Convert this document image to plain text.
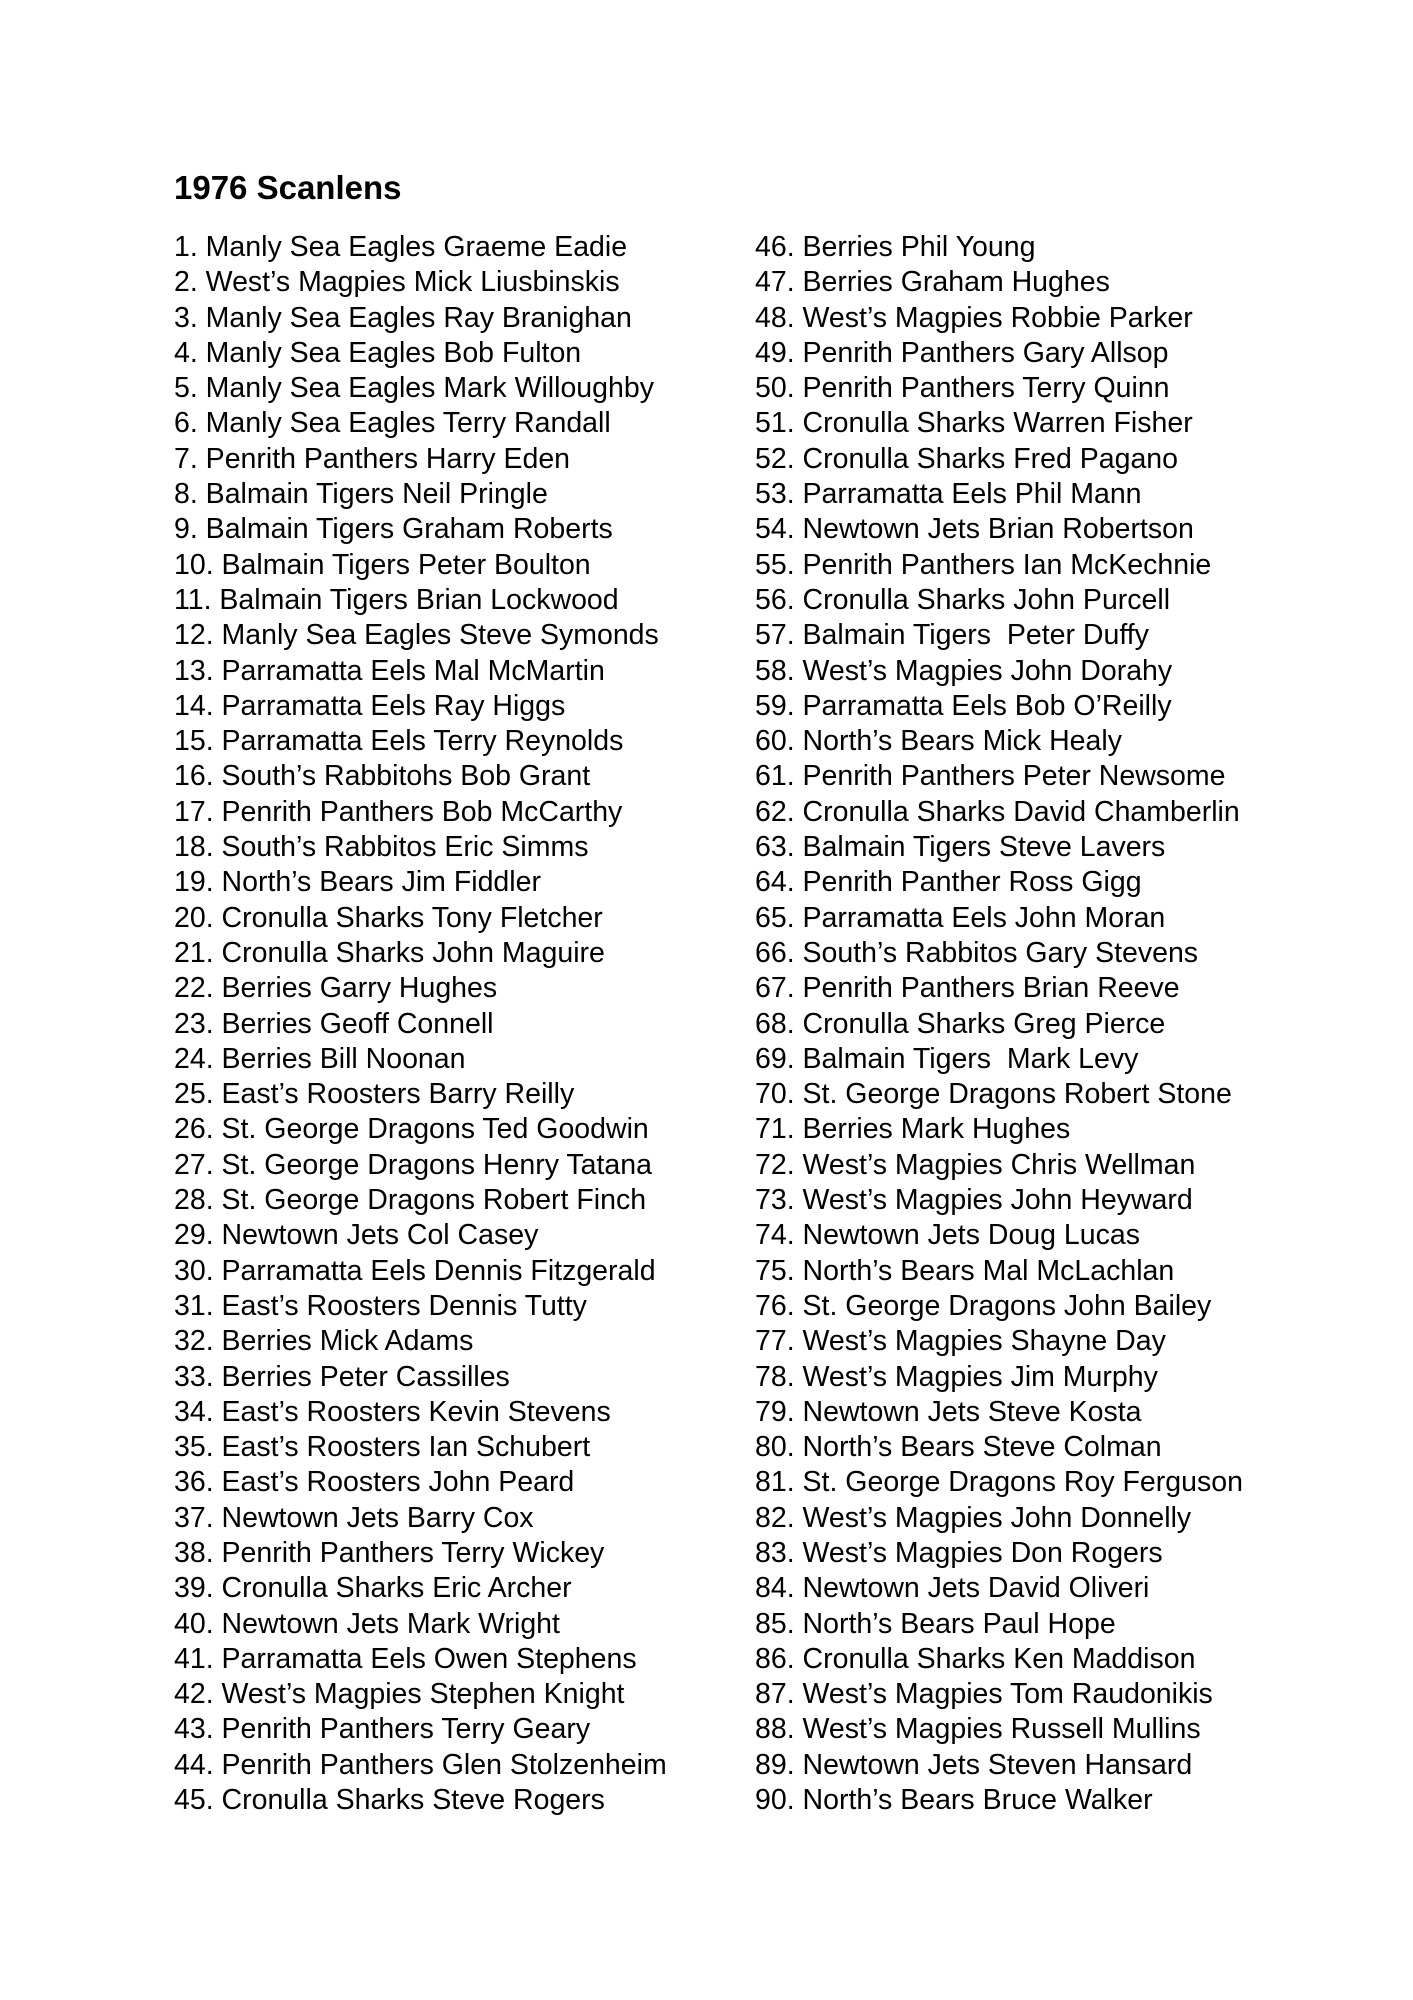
1976 Scanlens
1. Manly Sea Eagles Graeme Eadie
2. West’s Magpies Mick Liusbinskis
3. Manly Sea Eagles Ray Branighan
4. Manly Sea Eagles Bob Fulton
5. Manly Sea Eagles Mark Willoughby
6. Manly Sea Eagles Terry Randall
7. Penrith Panthers Harry Eden
8. Balmain Tigers Neil Pringle
9. Balmain Tigers Graham Roberts
10. Balmain Tigers Peter Boulton
11. Balmain Tigers Brian Lockwood
12. Manly Sea Eagles Steve Symonds
13. Parramatta Eels Mal McMartin
14. Parramatta Eels Ray Higgs
15. Parramatta Eels Terry Reynolds
16. South’s Rabbitohs Bob Grant
17. Penrith Panthers Bob McCarthy
18. South’s Rabbitos Eric Simms
19. North’s Bears Jim Fiddler
20. Cronulla Sharks Tony Fletcher
21. Cronulla Sharks John Maguire
22. Berries Garry Hughes
23. Berries Geoff Connell
24. Berries Bill Noonan
25. East’s Roosters Barry Reilly
26. St. George Dragons Ted Goodwin
27. St. George Dragons Henry Tatana
28. St. George Dragons Robert Finch
29. Newtown Jets Col Casey
30. Parramatta Eels Dennis Fitzgerald
31. East’s Roosters Dennis Tutty
32. Berries Mick Adams
33. Berries Peter Cassilles
34. East’s Roosters Kevin Stevens
35. East’s Roosters Ian Schubert
36. East’s Roosters John Peard
37. Newtown Jets Barry Cox
38. Penrith Panthers Terry Wickey
39. Cronulla Sharks Eric Archer
40. Newtown Jets Mark Wright
41. Parramatta Eels Owen Stephens
42. West’s Magpies Stephen Knight
43. Penrith Panthers Terry Geary
44. Penrith Panthers Glen Stolzenheim
45. Cronulla Sharks Steve Rogers
46. Berries Phil Young
47. Berries Graham Hughes
48. West’s Magpies Robbie Parker
49. Penrith Panthers Gary Allsop
50. Penrith Panthers Terry Quinn
51. Cronulla Sharks Warren Fisher
52. Cronulla Sharks Fred Pagano
53. Parramatta Eels Phil Mann
54. Newtown Jets Brian Robertson
55. Penrith Panthers Ian McKechnie
56. Cronulla Sharks John Purcell
57. Balmain Tigers  Peter Duffy
58. West’s Magpies John Dorahy
59. Parramatta Eels Bob O’Reilly
60. North’s Bears Mick Healy
61. Penrith Panthers Peter Newsome
62. Cronulla Sharks David Chamberlin
63. Balmain Tigers Steve Lavers
64. Penrith Panther Ross Gigg
65. Parramatta Eels John Moran
66. South’s Rabbitos Gary Stevens
67. Penrith Panthers Brian Reeve
68. Cronulla Sharks Greg Pierce
69. Balmain Tigers  Mark Levy
70. St. George Dragons Robert Stone
71. Berries Mark Hughes
72. West’s Magpies Chris Wellman
73. West’s Magpies John Heyward
74. Newtown Jets Doug Lucas
75. North’s Bears Mal McLachlan
76. St. George Dragons John Bailey
77. West’s Magpies Shayne Day
78. West’s Magpies Jim Murphy
79. Newtown Jets Steve Kosta
80. North’s Bears Steve Colman
81. St. George Dragons Roy Ferguson
82. West’s Magpies John Donnelly
83. West’s Magpies Don Rogers
84. Newtown Jets David Oliveri
85. North’s Bears Paul Hope
86. Cronulla Sharks Ken Maddison
87. West’s Magpies Tom Raudonikis
88. West’s Magpies Russell Mullins
89. Newtown Jets Steven Hansard
90. North’s Bears Bruce Walker
